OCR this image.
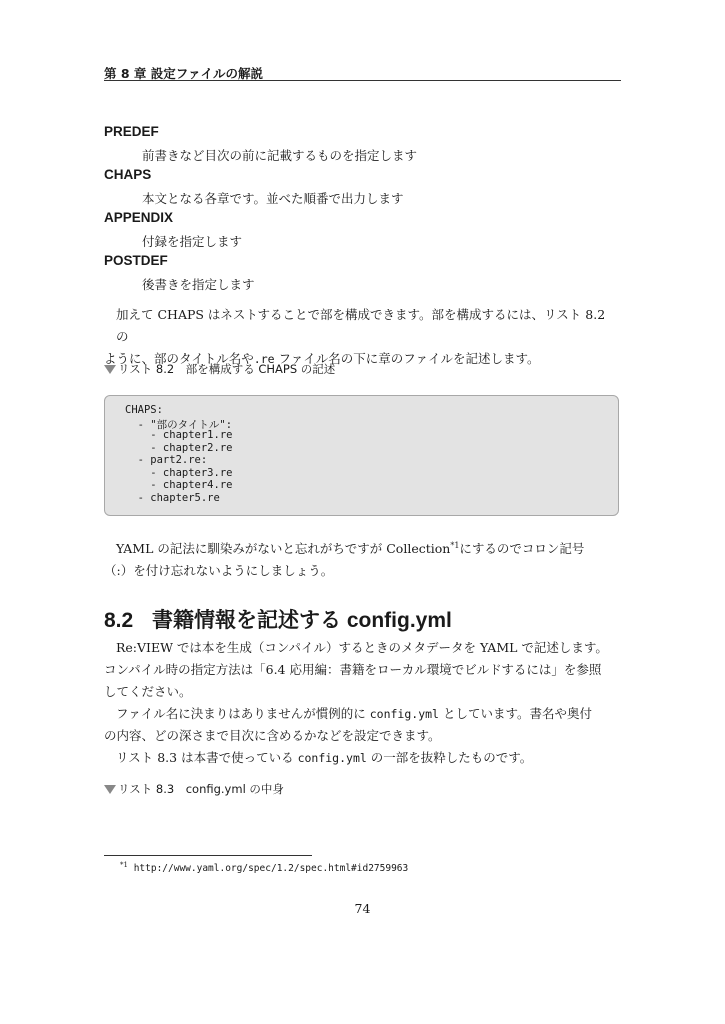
第 8 章 設定ファイルの解説
PREDEF
前書きなど目次の前に記載するものを指定します
CHAPS
本文となる各章です。並べた順番で出力します
APPENDIX
付録を指定します
POSTDEF
後書きを指定します
加えて CHAPS はネストすることで部を構成できます。部を構成するには、リスト 8.2 の
ように、部のタイトル名や.re ファイル名の下に章のファイルを記述します。
リスト 8.2　部を構成する CHAPS の記述
CHAPS:
- "部のタイトル":
- chapter1.re
- chapter2.re
- part2.re:
- chapter3.re
- chapter4.re
- chapter5.re
YAML の記法に馴染みがないと忘れがちですが Collection$^{*1}$にするのでコロン記号
（:）を付け忘れないようにしましょう。
8.2 書籍情報を記述する config.yml
Re:VIEW では本を生成（コンパイル）するときのメタデータを YAML で記述します。
コンパイル時の指定方法は「6.4 応用編：書籍をローカル環境でビルドするには」を参照
してください。
ファイル名に決まりはありませんが慣例的に config.yml としています。書名や奥付
の内容、どの深さまで目次に含めるかなどを設定できます。
リスト 8.3 は本書で使っている config.yml の一部を抜粋したものです。
リスト 8.3　config.yml の中身
$^{*1}$ http://www.yaml.org/spec/1.2/spec.html#id2759963
74
